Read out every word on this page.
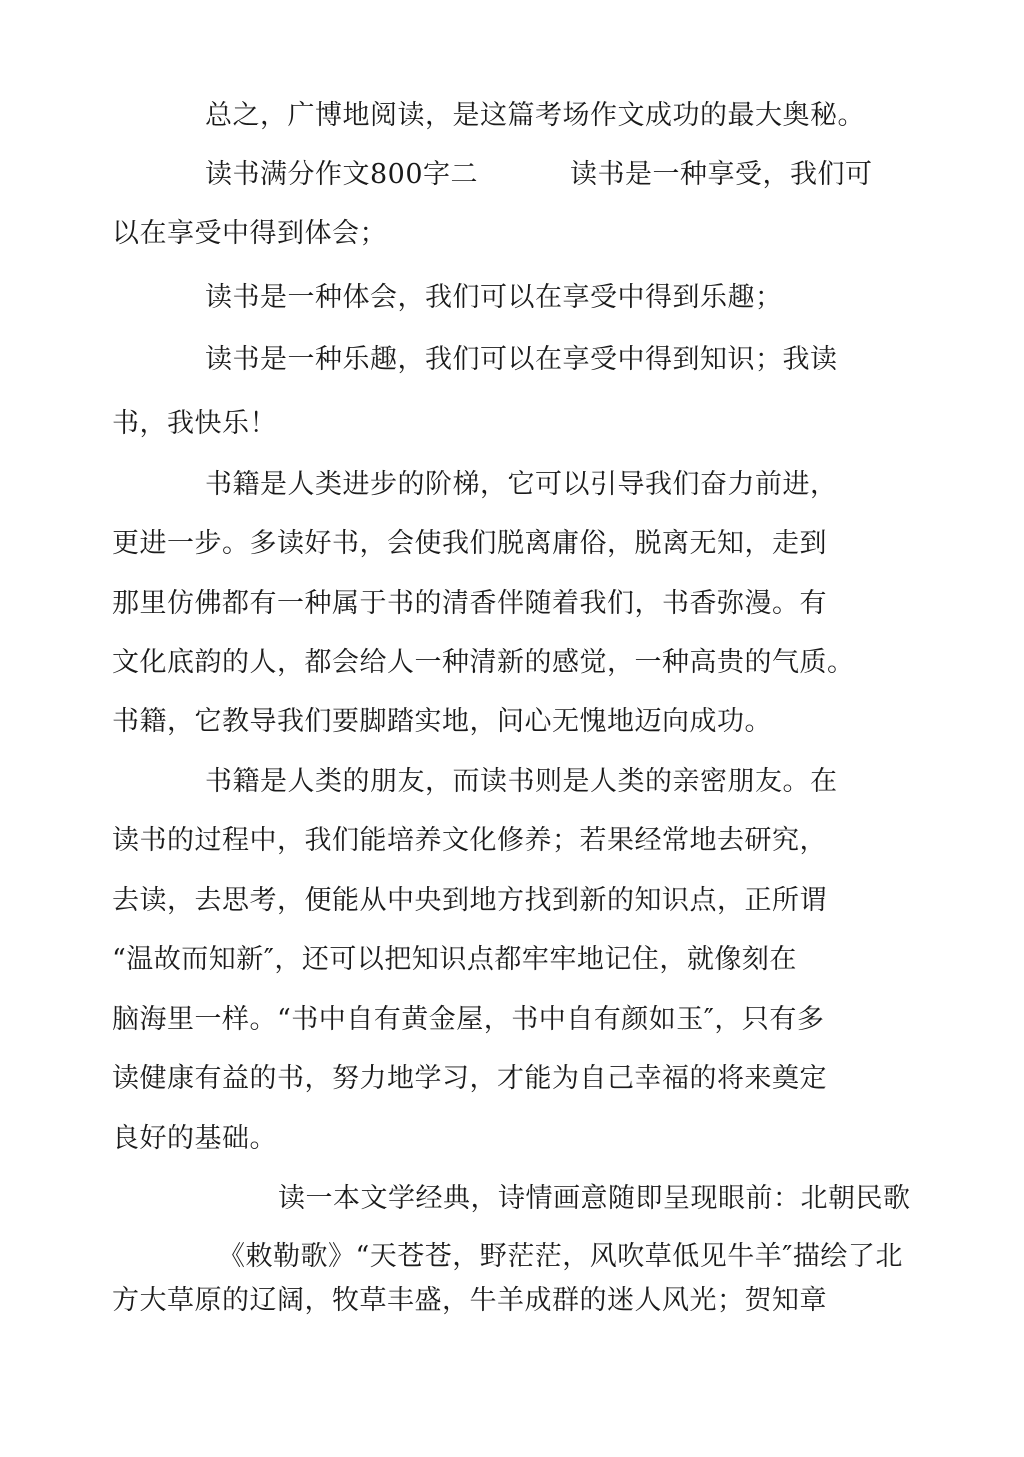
总之，广博地阅读，是这篇考场作文成功的最大奥秘。
读书满分作文800字二	读书是一种享受，我们可
以在享受中得到体会；
读书是一种体会，我们可以在享受中得到乐趣；
读书是一种乐趣，我们可以在享受中得到知识；我读
书，我快乐！
书籍是人类进步的阶梯，它可以引导我们奋力前进，
更进一步。多读好书，会使我们脱离庸俗，脱离无知，走到
那里仿佛都有一种属于书的清香伴随着我们，书香弥漫。有
文化底韵的人，都会给人一种清新的感觉，一种高贵的气质。
书籍，它教导我们要脚踏实地，问心无愧地迈向成功。
书籍是人类的朋友，而读书则是人类的亲密朋友。在
读书的过程中，我们能培养文化修养；若果经常地去研究，
去读，去思考，便能从中央到地方找到新的知识点，正所谓
“温故而知新″，还可以把知识点都牢牢地记住，就像刻在
脑海里一样。“书中自有黄金屋，书中自有颜如玉″，只有多
读健康有益的书，努力地学习，才能为自己幸福的将来奠定
良好的基础。
读一本文学经典，诗情画意随即呈现眼前：北朝民歌
《敕勒歌》“天苍苍，野茫茫，风吹草低见牛羊″描绘了北
方大草原的辽阔，牧草丰盛，牛羊成群的迷人风光；贺知章
